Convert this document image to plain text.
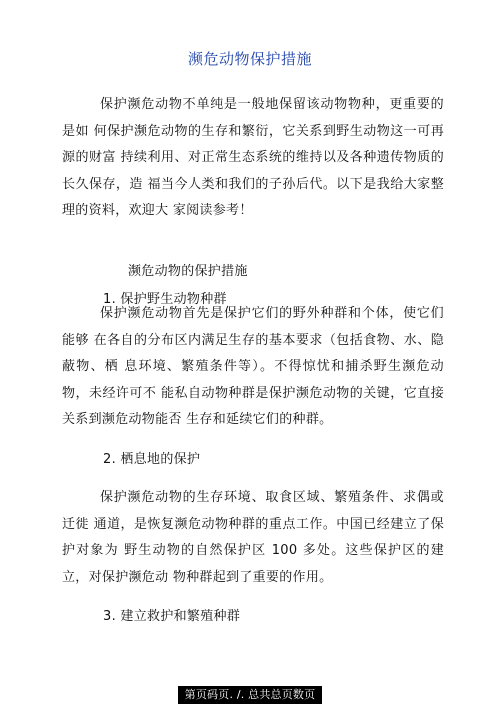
濒危动物保护措施
保护濒危动物不单纯是一般地保留该动物物种，更重要的是如 何保护濒危动物的生存和繁衍，它关系到野生动物这一可再源的财富 持续利用、对正常生态系统的维持以及各种遗传物质的长久保存，造 福当今人类和我们的子孙后代。以下是我给大家整理的资料，欢迎大 家阅读参考！
濒危动物的保护措施
1. 保护野生动物种群
保护濒危动物首先是保护它们的野外种群和个体，使它们能够 在各自的分布区内满足生存的基本要求（包括食物、水、隐蔽物、栖 息环境、繁殖条件等）。不得惊忧和捕杀野生濒危动物，未经许可不 能私自动物种群是保护濒危动物的关键，它直接关系到濒危动物能否 生存和延续它们的种群。
2. 栖息地的保护
保护濒危动物的生存环境、取食区域、繁殖条件、求偶或迁徙 通道，是恢复濒危动物种群的重点工作。中国已经建立了保护对象为 野生动物的自然保护区 100 多处。这些保护区的建立，对保护濒危动 物种群起到了重要的作用。
3. 建立救护和繁殖种群
第页码页. /. 总共总页数页
